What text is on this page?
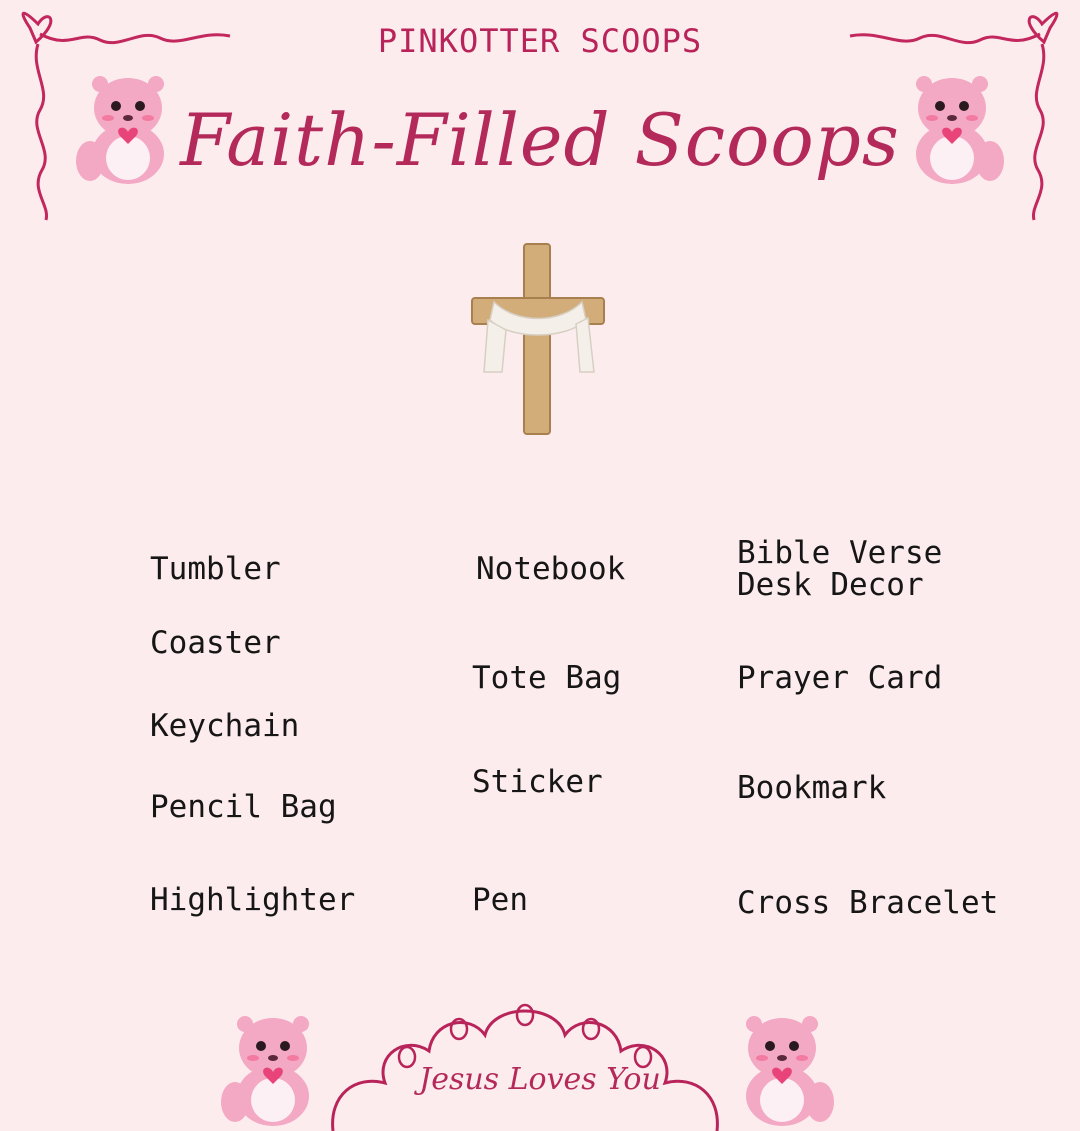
PINKOTTER SCOOPS
Faith-Filled Scoops
Tumbler
Coaster
Keychain
Pencil Bag
Highlighter
Notebook
Tote Bag
Sticker
Pen
Bible Verse
Desk Decor
Prayer Card
Bookmark
Cross Bracelet
Jesus Loves You
